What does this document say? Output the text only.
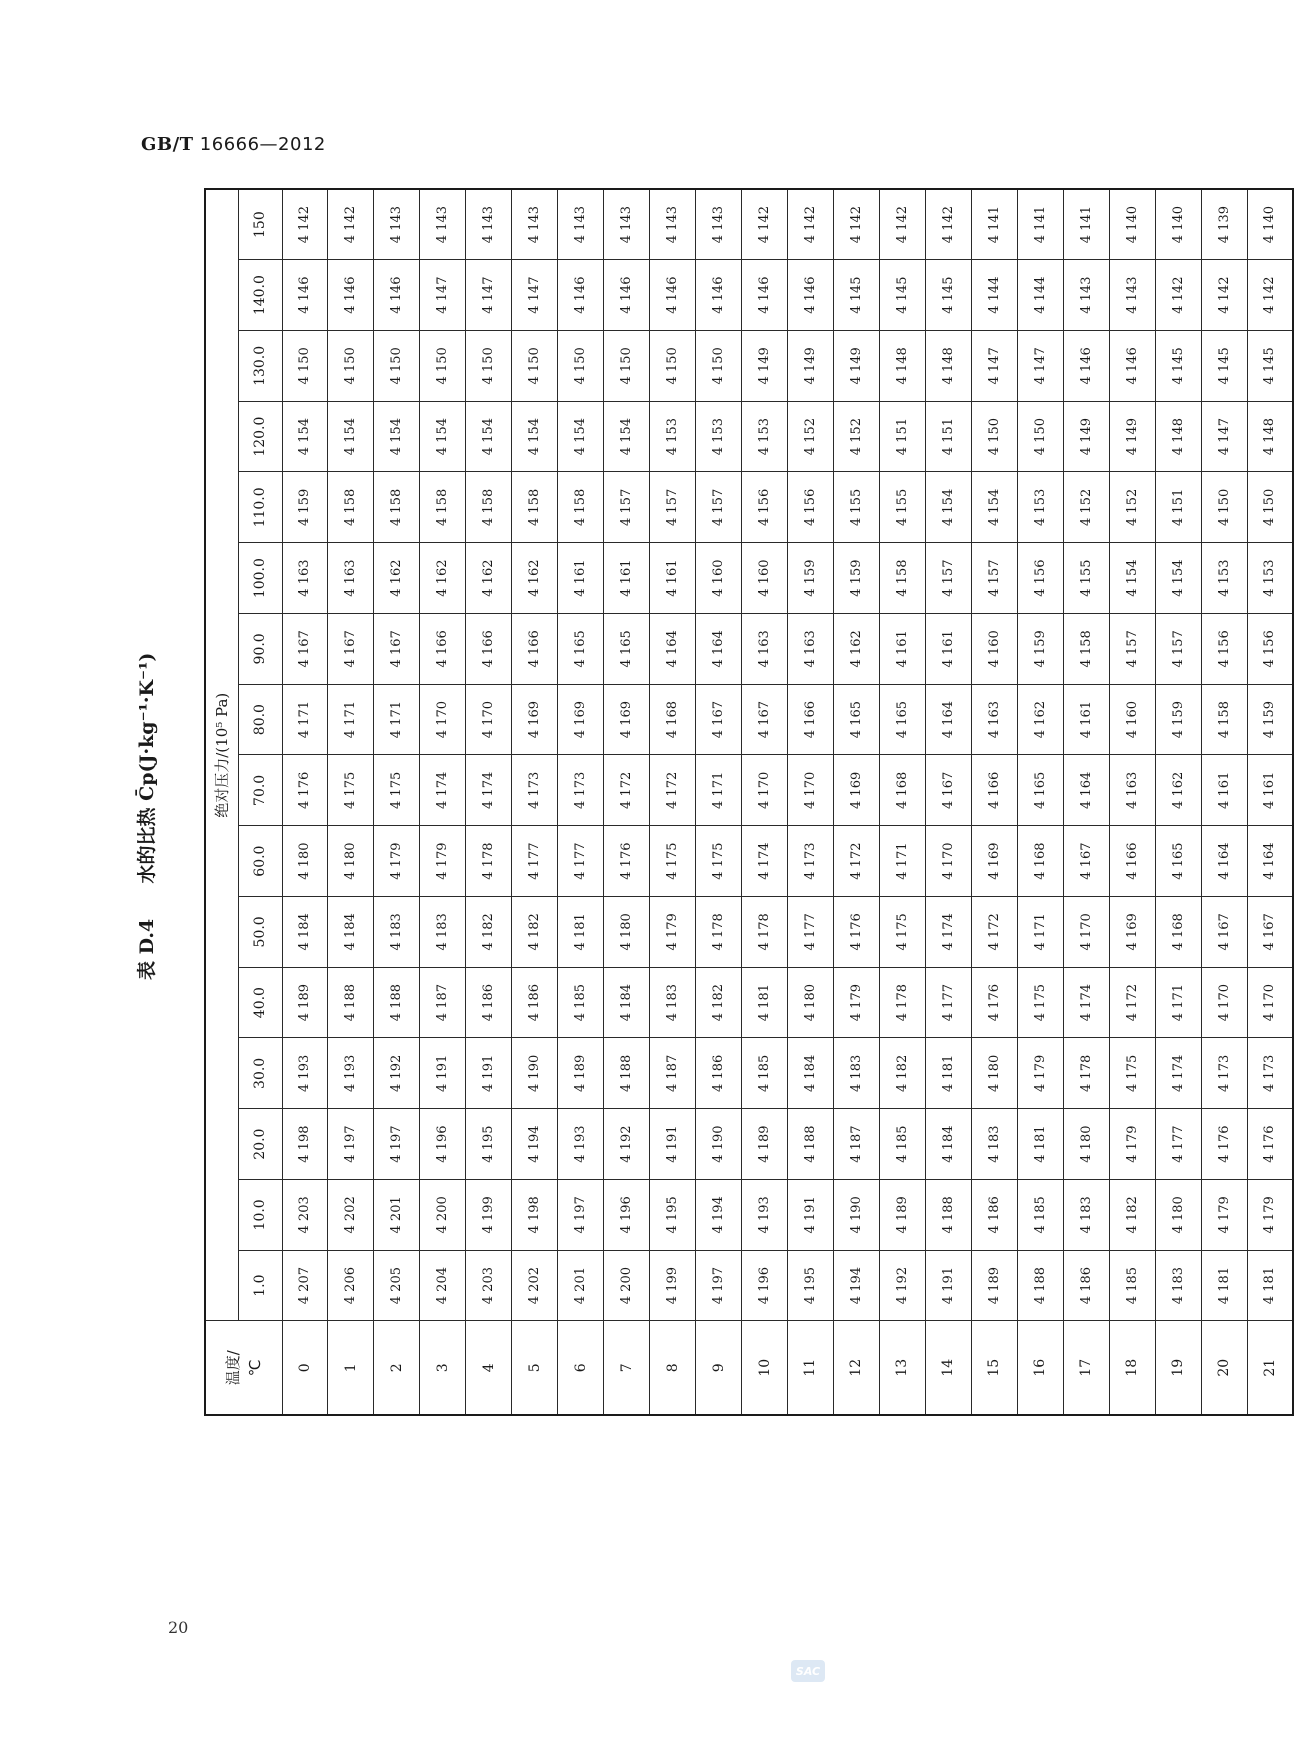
GB/T 16666—2012
表 D.4  水的比热 C̄p(J·kg⁻¹·K⁻¹)
温度/ ℃	绝对压力/(10⁵ Pa)															
	1.0	10.0	20.0	30.0	40.0	50.0	60.0	70.0	80.0	90.0	100.0	110.0	120.0	130.0	140.0	150
0	4 207	4 203	4 198	4 193	4 189	4 184	4 180	4 176	4 171	4 167	4 163	4 159	4 154	4 150	4 146	4 142
1	4 206	4 202	4 197	4 193	4 188	4 184	4 180	4 175	4 171	4 167	4 163	4 158	4 154	4 150	4 146	4 142
2	4 205	4 201	4 197	4 192	4 188	4 183	4 179	4 175	4 171	4 167	4 162	4 158	4 154	4 150	4 146	4 143
3	4 204	4 200	4 196	4 191	4 187	4 183	4 179	4 174	4 170	4 166	4 162	4 158	4 154	4 150	4 147	4 143
4	4 203	4 199	4 195	4 191	4 186	4 182	4 178	4 174	4 170	4 166	4 162	4 158	4 154	4 150	4 147	4 143
5	4 202	4 198	4 194	4 190	4 186	4 182	4 177	4 173	4 169	4 166	4 162	4 158	4 154	4 150	4 147	4 143
6	4 201	4 197	4 193	4 189	4 185	4 181	4 177	4 173	4 169	4 165	4 161	4 158	4 154	4 150	4 146	4 143
7	4 200	4 196	4 192	4 188	4 184	4 180	4 176	4 172	4 169	4 165	4 161	4 157	4 154	4 150	4 146	4 143
8	4 199	4 195	4 191	4 187	4 183	4 179	4 175	4 172	4 168	4 164	4 161	4 157	4 153	4 150	4 146	4 143
9	4 197	4 194	4 190	4 186	4 182	4 178	4 175	4 171	4 167	4 164	4 160	4 157	4 153	4 150	4 146	4 143
10	4 196	4 193	4 189	4 185	4 181	4 178	4 174	4 170	4 167	4 163	4 160	4 156	4 153	4 149	4 146	4 142
11	4 195	4 191	4 188	4 184	4 180	4 177	4 173	4 170	4 166	4 163	4 159	4 156	4 152	4 149	4 146	4 142
12	4 194	4 190	4 187	4 183	4 179	4 176	4 172	4 169	4 165	4 162	4 159	4 155	4 152	4 149	4 145	4 142
13	4 192	4 189	4 185	4 182	4 178	4 175	4 171	4 168	4 165	4 161	4 158	4 155	4 151	4 148	4 145	4 142
14	4 191	4 188	4 184	4 181	4 177	4 174	4 170	4 167	4 164	4 161	4 157	4 154	4 151	4 148	4 145	4 142
15	4 189	4 186	4 183	4 180	4 176	4 172	4 169	4 166	4 163	4 160	4 157	4 154	4 150	4 147	4 144	4 141
16	4 188	4 185	4 181	4 179	4 175	4 171	4 168	4 165	4 162	4 159	4 156	4 153	4 150	4 147	4 144	4 141
17	4 186	4 183	4 180	4 178	4 174	4 170	4 167	4 164	4 161	4 158	4 155	4 152	4 149	4 146	4 143	4 141
18	4 185	4 182	4 179	4 175	4 172	4 169	4 166	4 163	4 160	4 157	4 154	4 152	4 149	4 146	4 143	4 140
19	4 183	4 180	4 177	4 174	4 171	4 168	4 165	4 162	4 159	4 157	4 154	4 151	4 148	4 145	4 142	4 140
20	4 181	4 179	4 176	4 173	4 170	4 167	4 164	4 161	4 158	4 156	4 153	4 150	4 147	4 145	4 142	4 139
21	4 181	4 179	4 176	4 173	4 170	4 167	4 164	4 161	4 159	4 156	4 153	4 150	4 148	4 145	4 142	4 140
20
SAC
